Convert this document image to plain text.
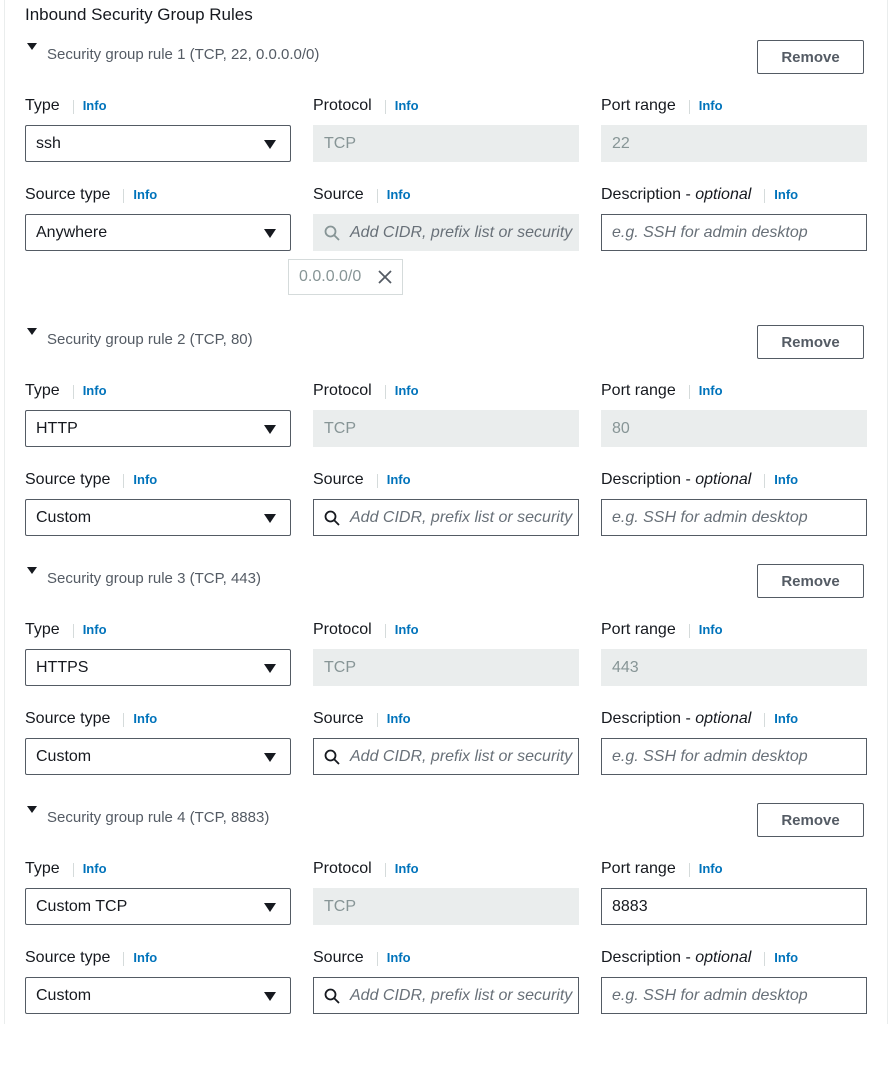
Inbound Security Group Rules
Security group rule 1 (TCP, 22, 0.0.0.0/0)	Remove
Type Info	Protocol Info	Port range Info
ssh	TCP	22
Source type Info	Source Info	Description - optional Info
Anywhere	Add CIDR, prefix list or security	e.g. SSH for admin desktop
0.0.0.0/0
Security group rule 2 (TCP, 80)	Remove
Type Info	Protocol Info	Port range Info
HTTP	TCP	80
Source type Info	Source Info	Description - optional Info
Custom	Add CIDR, prefix list or security	e.g. SSH for admin desktop
Security group rule 3 (TCP, 443)	Remove
Type Info	Protocol Info	Port range Info
HTTPS	TCP	443
Source type Info	Source Info	Description - optional Info
Custom	Add CIDR, prefix list or security	e.g. SSH for admin desktop
Security group rule 4 (TCP, 8883)	Remove
Type Info	Protocol Info	Port range Info
Custom TCP	TCP	8883
Source type Info	Source Info	Description - optional Info
Custom	Add CIDR, prefix list or security	e.g. SSH for admin desktop
